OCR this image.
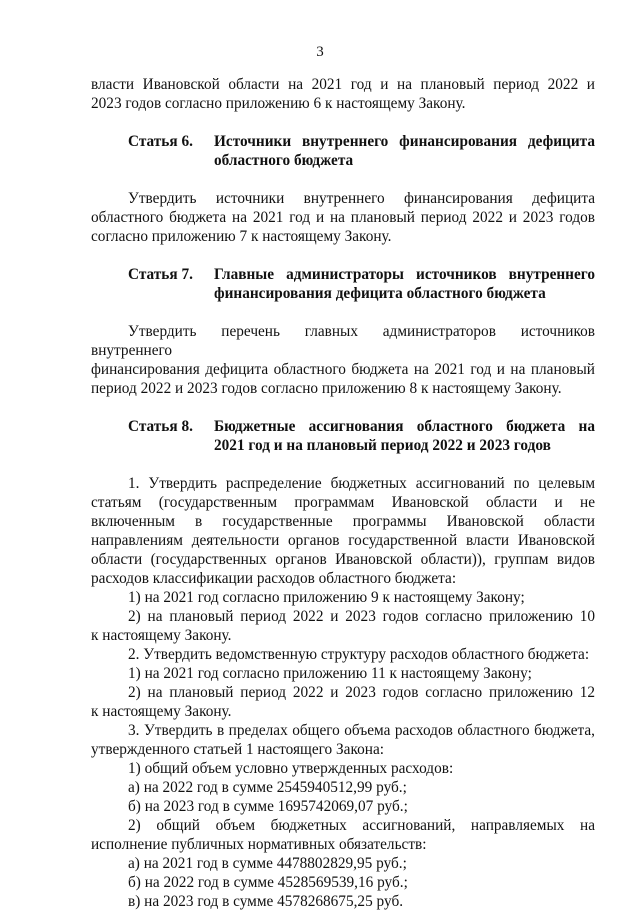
3

власти Ивановской области на 2021 год и на плановый период 2022 и

2023 годов согласно приложению 6 к настоящему Закону.

Статья 6.	Источники внутреннего финансирования дефицита

областного бюджета

Утвердить источники внутреннего финансирования дефицита

областного бюджета на 2021 год и на плановый период 2022 и 2023 годов

согласно приложению 7 к настоящему Закону.

Статья 7.	Главные администраторы источников внутреннего

финансирования дефицита областного бюджета

Утвердить перечень главных администраторов источников внутреннего

финансирования дефицита областного бюджета на 2021 год и на плановый

период 2022 и 2023 годов согласно приложению 8 к настоящему Закону.

Статья 8.	Бюджетные ассигнования областного бюджета на

2021 год и на плановый период 2022 и 2023 годов

1. Утвердить распределение бюджетных ассигнований по целевым

статьям (государственным программам Ивановской области и не

включенным в государственные программы Ивановской области

направлениям деятельности органов государственной власти Ивановской

области (государственных органов Ивановской области)), группам видов

расходов классификации расходов областного бюджета:

1) на 2021 год согласно приложению 9 к настоящему Закону;

2) на плановый период 2022 и 2023 годов согласно приложению 10

к настоящему Закону.

2. Утвердить ведомственную структуру расходов областного бюджета:

1) на 2021 год согласно приложению 11 к настоящему Закону;

2) на плановый период 2022 и 2023 годов согласно приложению 12

к настоящему Закону.

3. Утвердить в пределах общего объема расходов областного бюджета,

утвержденного статьей 1 настоящего Закона:

1) общий объем условно утвержденных расходов:

а) на 2022 год в сумме 2545940512,99 руб.;

б) на 2023 год в сумме 1695742069,07 руб.;

2) общий объем бюджетных ассигнований, направляемых на

исполнение публичных нормативных обязательств:

а) на 2021 год в сумме 4478802829,95 руб.;

б) на 2022 год в сумме 4528569539,16 руб.;

в) на 2023 год в сумме 4578268675,25 руб.
